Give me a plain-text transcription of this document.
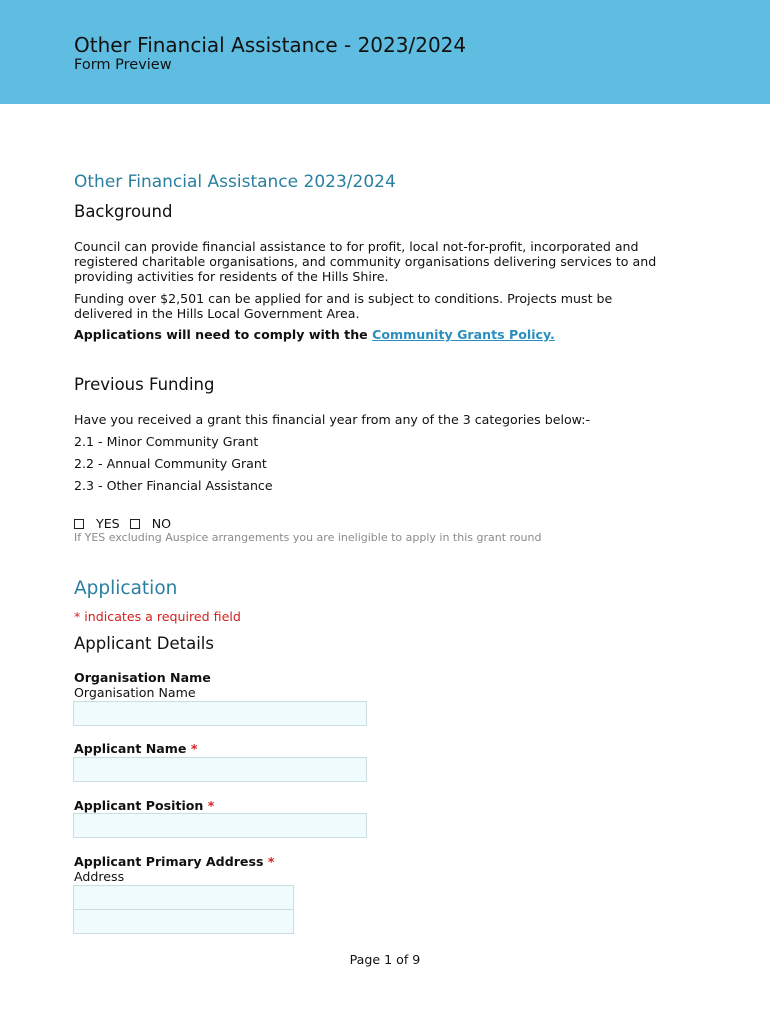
Other Financial Assistance - 2023/2024
Form Preview
Other Financial Assistance 2023/2024
Background
Council can provide financial assistance to for profit, local not-for-profit, incorporated and registered charitable organisations, and community organisations delivering services to and providing activities for residents of the Hills Shire.
Funding over $2,501 can be applied for and is subject to conditions. Projects must be delivered in the Hills Local Government Area.
Applications will need to comply with the Community Grants Policy.
Previous Funding
Have you received a grant this financial year from any of the 3 categories below:-
2.1 - Minor Community Grant
2.2 - Annual Community Grant
2.3 - Other Financial Assistance
YES	NO
If YES excluding Auspice arrangements you are ineligible to apply in this grant round
Application
* indicates a required field
Applicant Details
Organisation Name
Organisation Name
Applicant Name *
Applicant Position *
Applicant Primary Address *
Address
Page 1 of 9
